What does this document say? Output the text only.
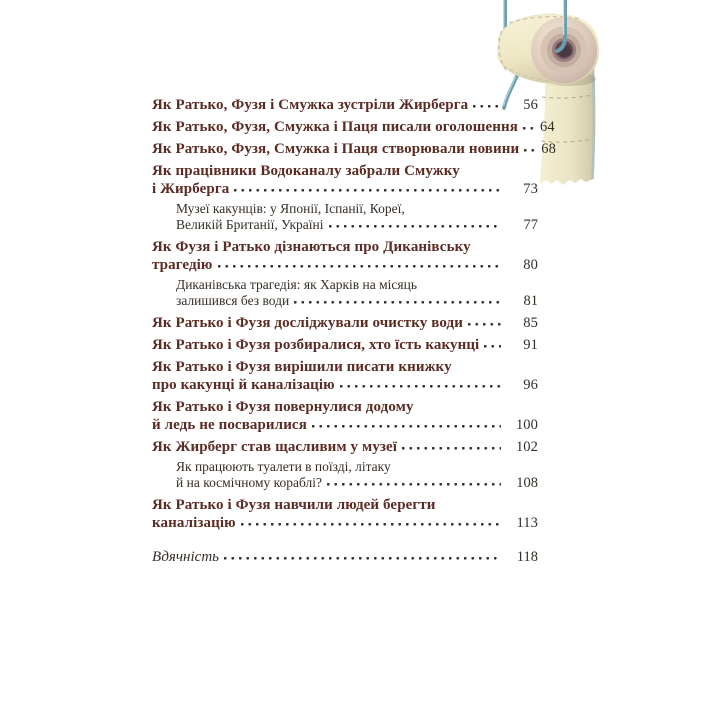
Як Ратько, Фузя і Смужка зустріли Жирберга	56
Як Ратько, Фузя, Смужка і Паця писали оголошення 64
Як Ратько, Фузя, Смужка і Паця створювали новини 68
Як працівники Водоканалу забрали Смужку
і Жирберга	73
Музеї какунців: у Японії, Іспанії, Кореї,
Великій Британії, Україні	77
Як Фузя і Ратько дізнаються про Диканівську
трагедію	80
Диканівська трагедія: як Харків на місяць
залишився без води	81
Як Ратько і Фузя досліджували очистку води	85
Як Ратько і Фузя розбиралися, хто їсть какунці	91
Як Ратько і Фузя вирішили писати книжку
про какунці й каналізацію	96
Як Ратько і Фузя повернулися додому
й ледь не посварилися	100
Як Жирберг став щасливим у музеї	102
Як працюють туалети в поїзді, літаку
й на космічному кораблі?	108
Як Ратько і Фузя навчили людей берегти
каналізацію	113
Вдячність	118
